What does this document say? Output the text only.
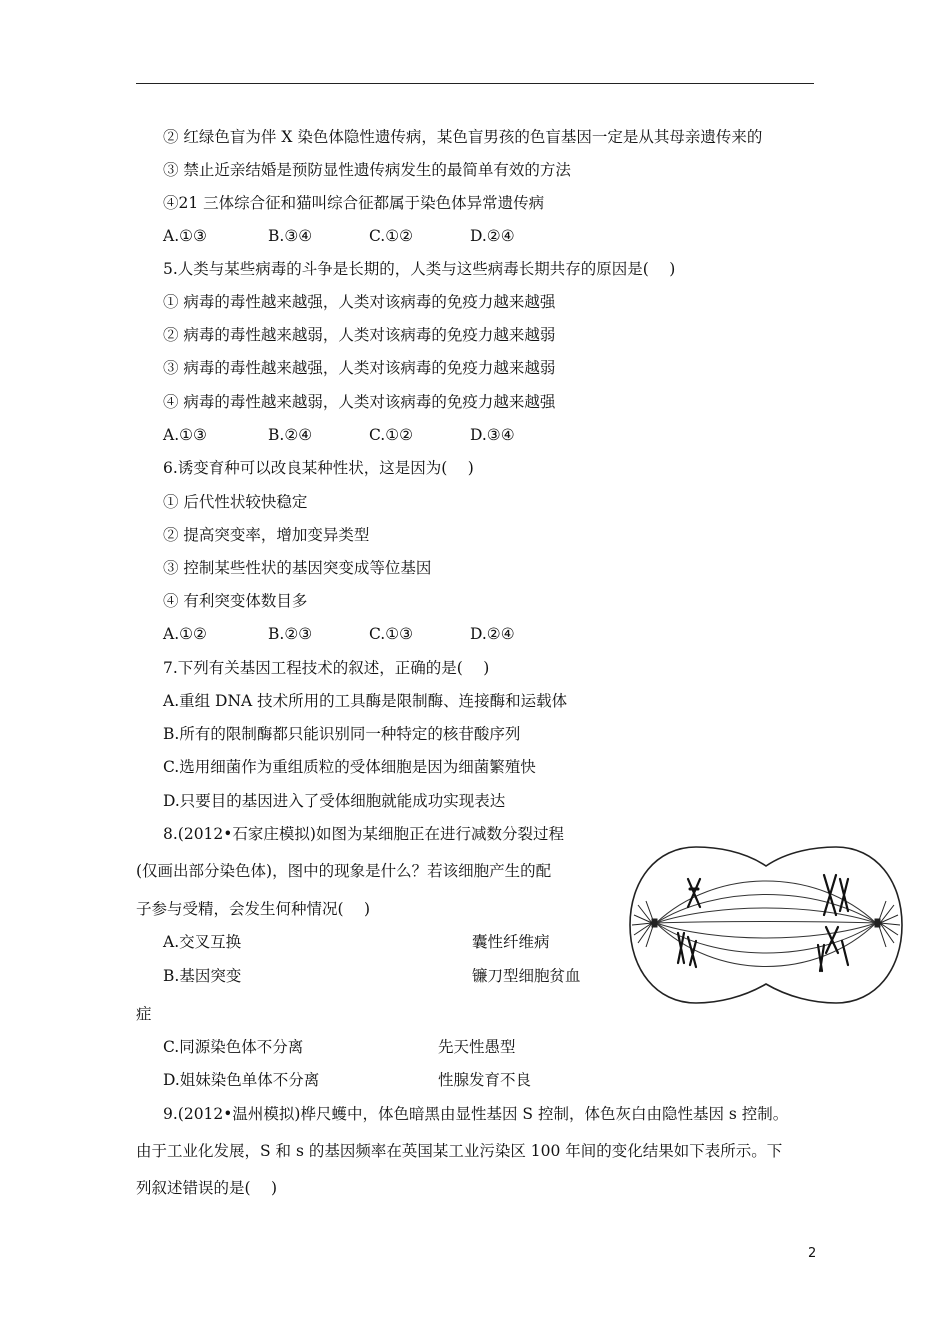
② 红绿色盲为伴 X 染色体隐性遗传病，某色盲男孩的色盲基因一定是从其母亲遗传来的
③ 禁止近亲结婚是预防显性遗传病发生的最简单有效的方法
④21 三体综合征和猫叫综合征都属于染色体异常遗传病
A.①③	B.③④	C.①②	D.②④
5.人类与某些病毒的斗争是长期的，人类与这些病毒长期共存的原因是(　 )
① 病毒的毒性越来越强，人类对该病毒的免疫力越来越强
② 病毒的毒性越来越弱，人类对该病毒的免疫力越来越弱
③ 病毒的毒性越来越强，人类对该病毒的免疫力越来越弱
④ 病毒的毒性越来越弱，人类对该病毒的免疫力越来越强
A.①③	B.②④	C.①②	D.③④
6.诱变育种可以改良某种性状，这是因为(　 )
① 后代性状较快稳定
② 提高突变率，增加变异类型
③ 控制某些性状的基因突变成等位基因
④ 有利突变体数目多
A.①②	B.②③	C.①③	D.②④
7.下列有关基因工程技术的叙述，正确的是(　 )
A.重组 DNA 技术所用的工具酶是限制酶、连接酶和运载体
B.所有的限制酶都只能识别同一种特定的核苷酸序列
C.选用细菌作为重组质粒的受体细胞是因为细菌繁殖快
D.只要目的基因进入了受体细胞就能成功实现表达
8.(2012•石家庄模拟)如图为某细胞正在进行减数分裂过程
(仅画出部分染色体)，图中的现象是什么？若该细胞产生的配
子参与受精，会发生何种情况(　 )
A.交叉互换	囊性纤维病
B.基因突变	镰刀型细胞贫血
症
C.同源染色体不分离	先天性愚型
D.姐妹染色单体不分离	性腺发育不良
9.(2012•温州模拟)桦尺蠖中，体色暗黑由显性基因 S 控制，体色灰白由隐性基因 s 控制。
由于工业化发展，S 和 s 的基因频率在英国某工业污染区 100 年间的变化结果如下表所示。下
列叙述错误的是(　 )
2
